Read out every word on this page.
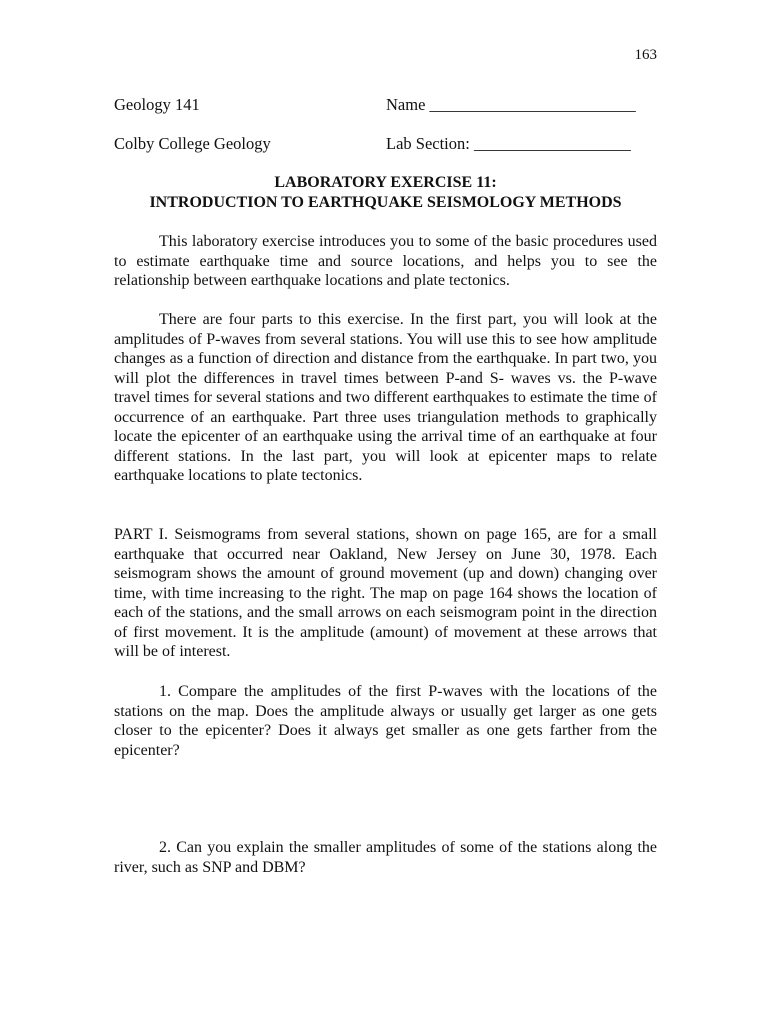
163
Geology 141	Name _________________________
Colby College Geology	Lab Section: ___________________
LABORATORY EXERCISE 11:
INTRODUCTION TO EARTHQUAKE SEISMOLOGY METHODS

This laboratory exercise introduces you to some of the basic procedures used to estimate earthquake time and source locations, and helps you to see the relationship between earthquake locations and plate tectonics.

There are four parts to this exercise. In the first part, you will look at the amplitudes of P-waves from several stations. You will use this to see how amplitude changes as a function of direction and distance from the earthquake. In part two, you will plot the differences in travel times between P-and S- waves vs. the P-wave travel times for several stations and two different earthquakes to estimate the time of occurrence of an earthquake. Part three uses triangulation methods to graphically locate the epicenter of an earthquake using the arrival time of an earthquake at four different stations. In the last part, you will look at epicenter maps to relate earthquake locations to plate tectonics.

PART I. Seismograms from several stations, shown on page 165, are for a small earthquake that occurred near Oakland, New Jersey on June 30, 1978. Each seismogram shows the amount of ground movement (up and down) changing over time, with time increasing to the right. The map on page 164 shows the location of each of the stations, and the small arrows on each seismogram point in the direction of first movement. It is the amplitude (amount) of movement at these arrows that will be of interest.

1. Compare the amplitudes of the first P-waves with the locations of the stations on the map. Does the amplitude always or usually get larger as one gets closer to the epicenter? Does it always get smaller as one gets farther from the epicenter?

2. Can you explain the smaller amplitudes of some of the stations along the river, such as SNP and DBM?
